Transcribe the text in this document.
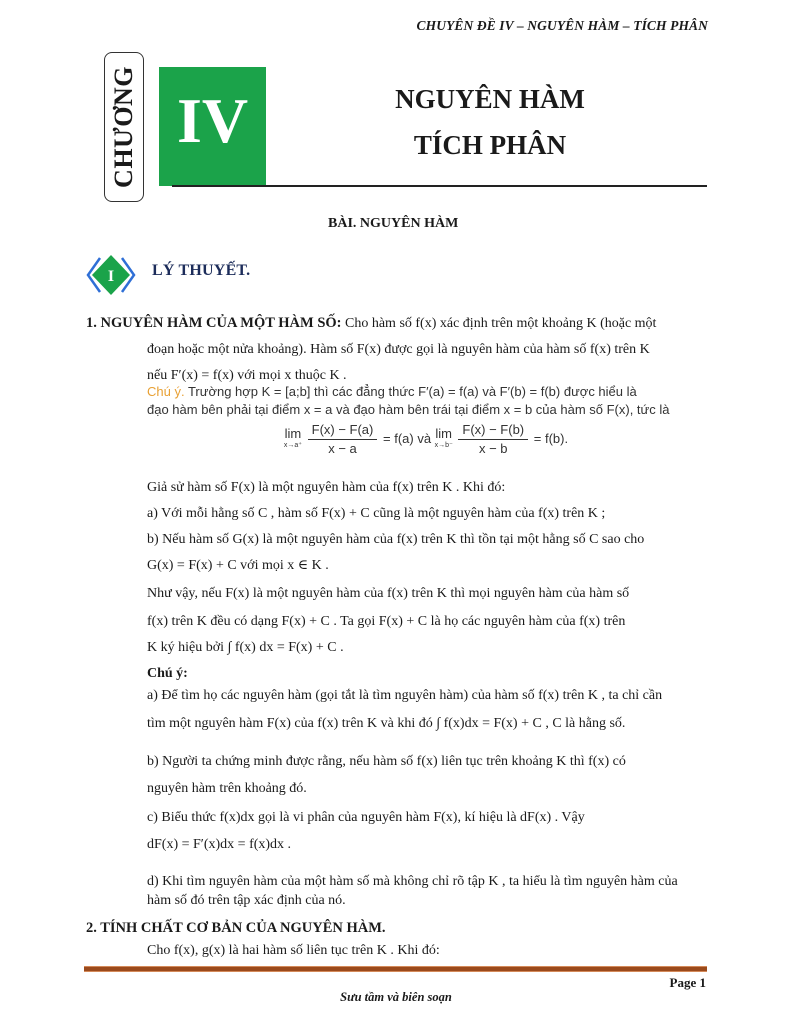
CHUYÊN ĐỀ IV – NGUYÊN HÀM – TÍCH PHÂN
CHƯƠNG IV	NGUYÊN HÀM
TÍCH PHÂN
BÀI. NGUYÊN HÀM
I LÝ THUYẾT.
1. NGUYÊN HÀM CỦA MỘT HÀM SỐ: Cho hàm số f(x) xác định trên một khoảng K (hoặc một
đoạn hoặc một nửa khoảng). Hàm số F(x) được gọi là nguyên hàm của hàm số f(x) trên K
nếu F′(x) = f(x) với mọi x thuộc K .
Chú ý. Trường hợp K = [a;b] thì các đẳng thức F′(a) = f(a) và F′(b) = f(b) được hiểu là
đạo hàm bên phải tại điểm x = a và đạo hàm bên trái tại điểm x = b của hàm số F(x), tức là
lim
x→a⁺
$\frac{F(x) - F(a)}{x - a} = f(a)$ và lim
x→b⁻
$\frac{F(x) - F(b)}{x - b} = f(b)$.
Giả sử hàm số F(x) là một nguyên hàm của f(x) trên K . Khi đó:
a) Với mỗi hằng số C , hàm số F(x) + C cũng là một nguyên hàm của f(x) trên K ;
b) Nếu hàm số G(x) là một nguyên hàm của f(x) trên K thì tồn tại một hằng số C sao cho
G(x) = F(x) + C với mọi x ∈ K .
Như vậy, nếu F(x) là một nguyên hàm của f(x) trên K thì mọi nguyên hàm của hàm số
f(x) trên K đều có dạng F(x) + C . Ta gọi F(x) + C là họ các nguyên hàm của f(x) trên
K ký hiệu bởi ∫ f(x) dx = F(x) + C .
Chú ý:
a) Để tìm họ các nguyên hàm (gọi tắt là tìm nguyên hàm) của hàm số f(x) trên K , ta chỉ cần
tìm một nguyên hàm F(x) của f(x) trên K và khi đó ∫ f(x)dx = F(x) + C , C là hằng số.
b) Người ta chứng minh được rằng, nếu hàm số f(x) liên tục trên khoảng K thì f(x) có
nguyên hàm trên khoảng đó.
c) Biểu thức f(x)dx gọi là vi phân của nguyên hàm F(x), kí hiệu là dF(x) . Vậy
dF(x) = F′(x)dx = f(x)dx .
d) Khi tìm nguyên hàm của một hàm số mà không chỉ rõ tập K , ta hiểu là tìm nguyên hàm của
hàm số đó trên tập xác định của nó.
2. TÍNH CHẤT CƠ BẢN CỦA NGUYÊN HÀM.
Cho f(x), g(x) là hai hàm số liên tục trên K . Khi đó:
Page 1
Sưu tầm và biên soạn
